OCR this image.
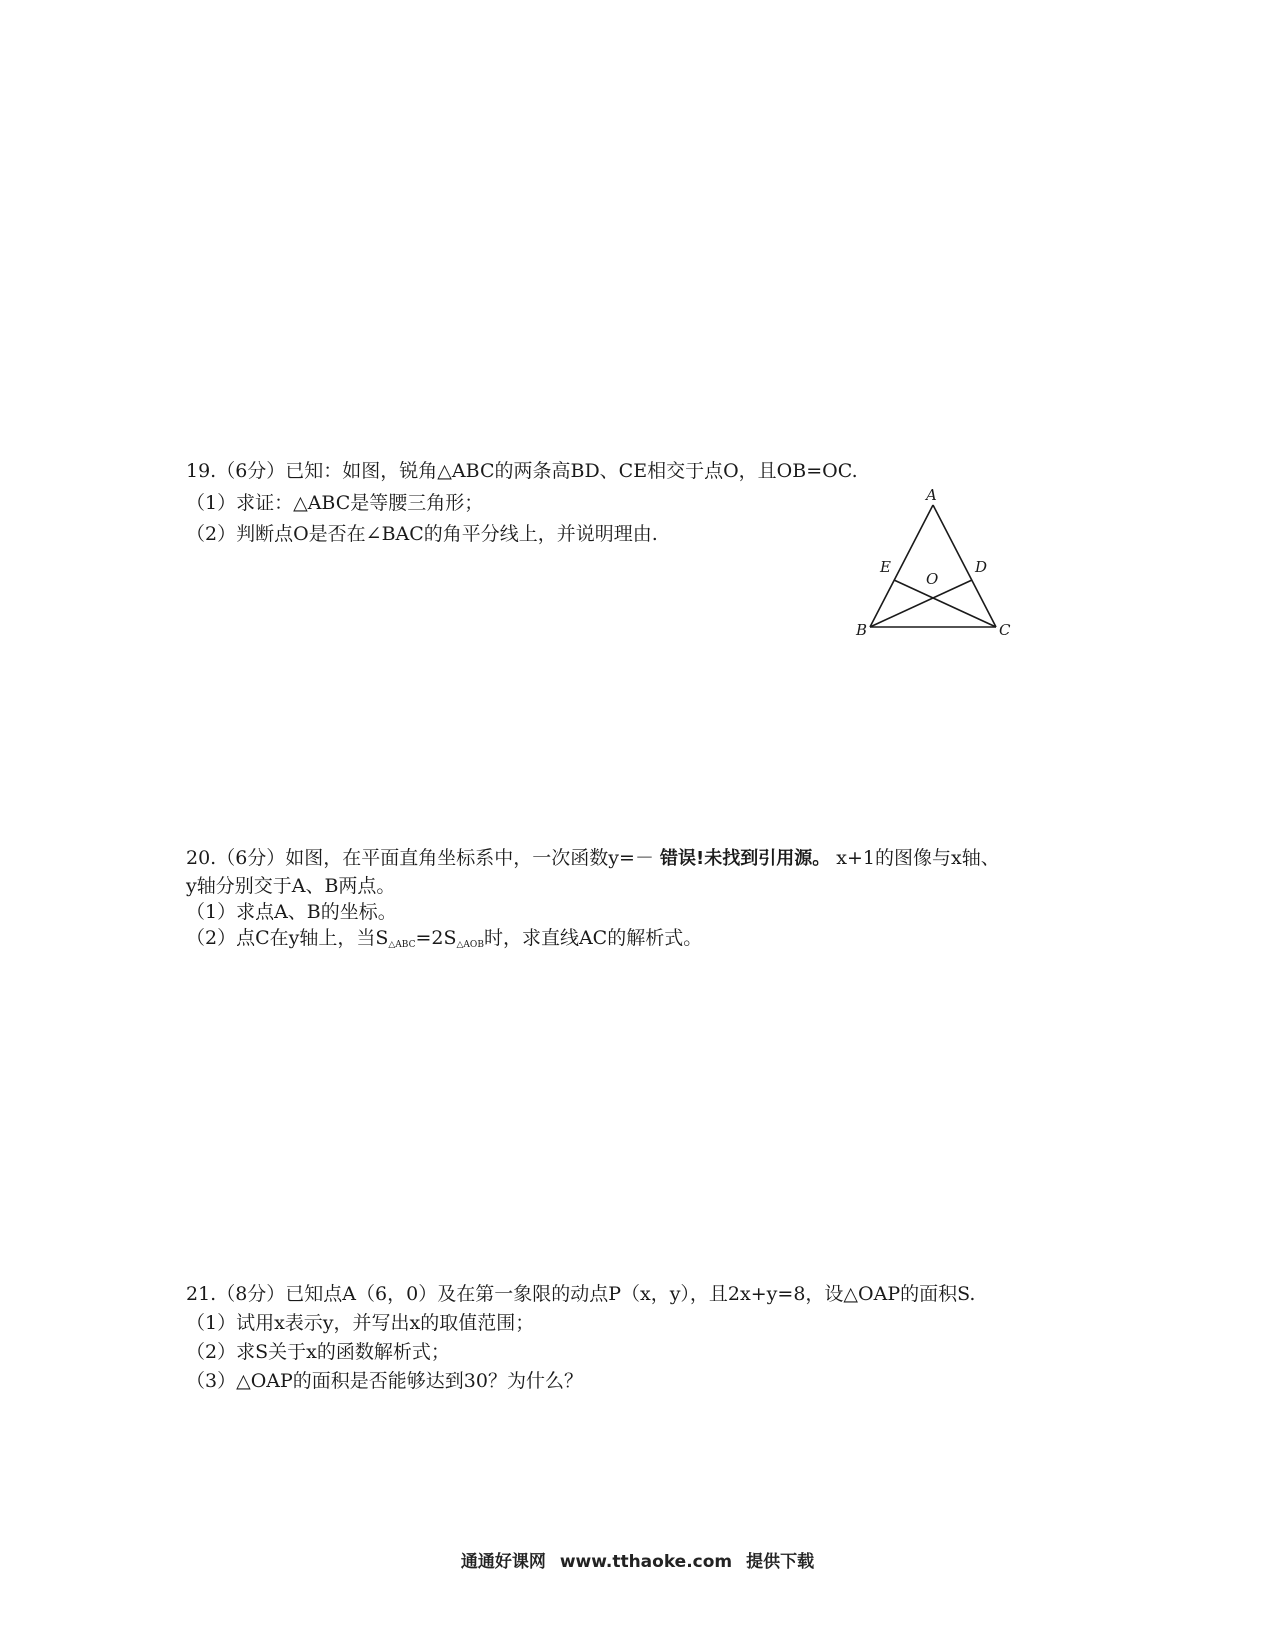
19.（6分）已知：如图，锐角△ABC的两条高BD、CE相交于点O，且OB=OC.

（1）求证：△ABC是等腰三角形；

（2）判断点O是否在∠BAC的角平分线上，并说明理由.

A
E	D
O
B	C

20.（6分）如图，在平面直角坐标系中，一次函数y=－ 错误!未找到引用源。 x+1的图像与x轴、

y轴分别交于A、B两点。

（1）求点A、B的坐标。

（2）点C在y轴上，当$S_{\triangle ABC}=2S_{\triangle AOB}$时，求直线AC的解析式。

21.（8分）已知点A（6，0）及在第一象限的动点P（x，y），且2x+y=8，设△OAP的面积S.

（1）试用x表示y，并写出x的取值范围；

（2）求S关于x的函数解析式；

（3）△OAP的面积是否能够达到30？为什么？

通通好课网 www.tthaoke.com 提供下载
